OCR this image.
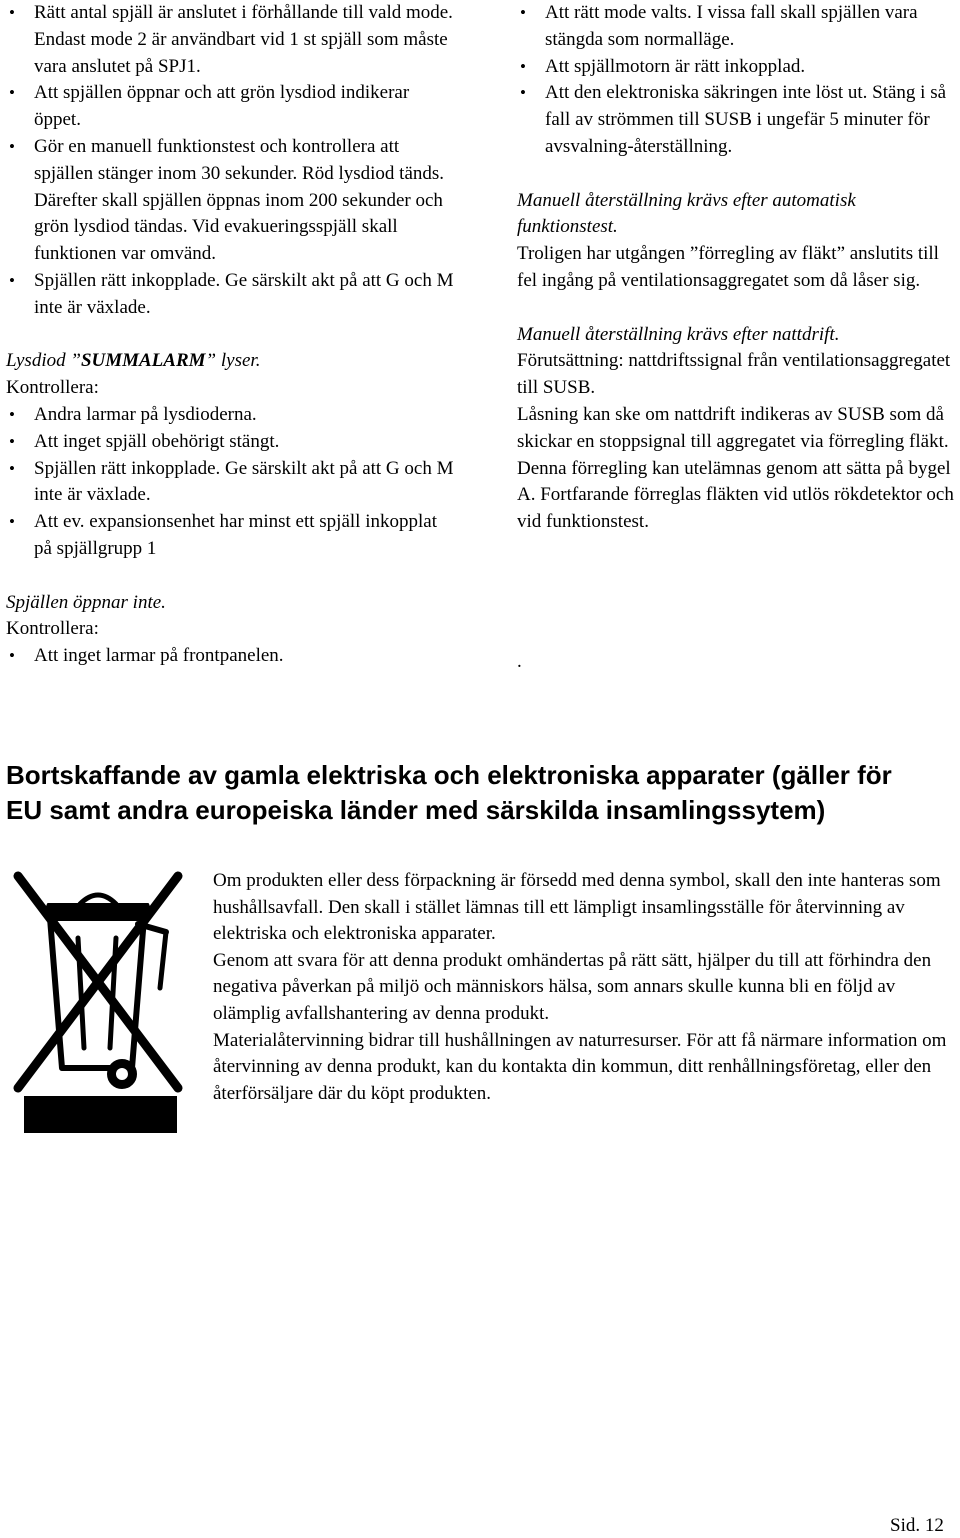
• Rätt antal spjäll är anslutet i förhållande till vald mode. Endast mode 2 är användbart vid 1 st spjäll som måste vara anslutet på SPJ1.
• Att spjällen öppnar och att grön lysdiod indikerar öppet.
• Gör en manuell funktionstest och kontrollera att spjällen stänger inom 30 sekunder. Röd lysdiod tänds. Därefter skall spjällen öppnas inom 200 sekunder och grön lysdiod tändas. Vid evakueringsspjäll skall funktionen var omvänd.
• Spjällen rätt inkopplade. Ge särskilt akt på att G och M inte är växlade.

Lysdiod ”SUMMALARM” lyser.

Kontrollera:

• Andra larmar på lysdioderna.
• Att inget spjäll obehörigt stängt.
• Spjällen rätt inkopplade. Ge särskilt akt på att G och M inte är växlade.
• Att ev. expansionsenhet har minst ett spjäll inkopplat på spjällgrupp 1

Spjällen öppnar inte.

Kontrollera:

• Att inget larmar på frontpanelen.
• Att rätt mode valts. I vissa fall skall spjällen vara stängda som normalläge.
• Att spjällmotorn är rätt inkopplad.
• Att den elektroniska säkringen inte löst ut. Stäng i så fall av strömmen till SUSB i ungefär 5 minuter för avsvalning-återställning.

Manuell återställning krävs efter automatisk funktionstest.

Troligen har utgången ”förregling av fläkt” anslutits till fel ingång på ventilationsaggregatet som då låser sig.

Manuell återställning krävs efter nattdrift.

Förutsättning: nattdriftssignal från ventilationsaggregatet till SUSB.

Låsning kan ske om nattdrift indikeras av SUSB som då skickar en stoppsignal till aggregatet via förregling fläkt. Denna förregling kan utelämnas genom att sätta på bygel A. Fortfarande förreglas fläkten vid utlös rökdetektor och vid funktionstest.

.
Bortskaffande av gamla elektriska och elektroniska apparater (gäller för EU samt andra europeiska länder med särskilda insamlingssytem)

Om produkten eller dess förpackning är försedd med denna symbol, skall den inte hanteras som hushållsavfall. Den skall i stället lämnas till ett lämpligt insamlingsställe för återvinning av elektriska och elektroniska apparater.

Genom att svara för att denna produkt omhändertas på rätt sätt, hjälper du till att förhindra den negativa påverkan på miljö och människors hälsa, som annars skulle kunna bli en följd av olämplig avfallshantering av denna produkt.

Materialåtervinning bidrar till hushållningen av naturresurser. För att få närmare information om återvinning av denna produkt, kan du kontakta din kommun, ditt renhållningsföretag, eller den återförsäljare där du köpt produkten.

Sid. 12
